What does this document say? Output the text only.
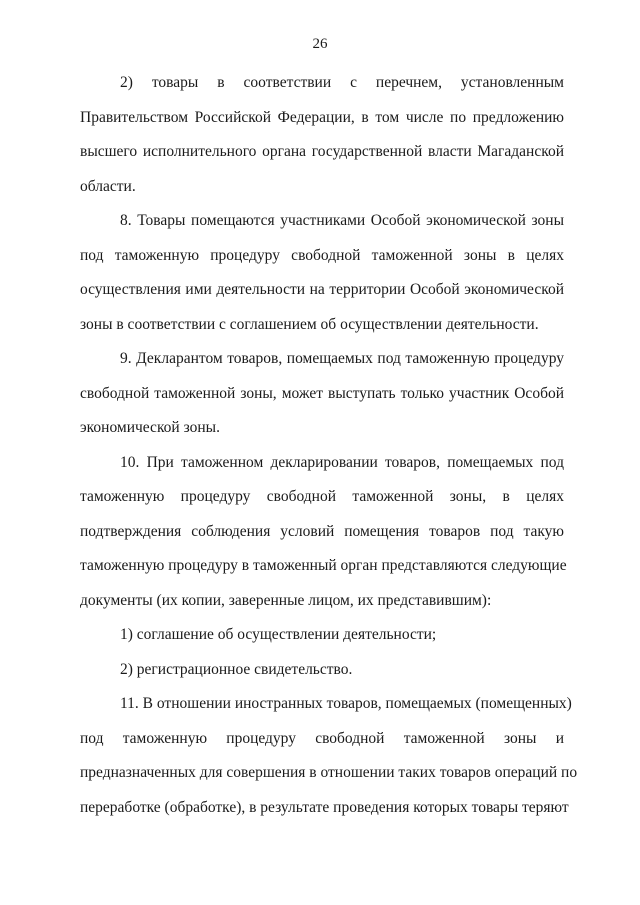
26
2) товары в соответствии с перечнем, установленным
Правительством Российской Федерации, в том числе по предложению
высшего исполнительного органа государственной власти Магаданской
области.
8. Товары помещаются участниками Особой экономической зоны
под таможенную процедуру свободной таможенной зоны в целях
осуществления ими деятельности на территории Особой экономической
зоны в соответствии с соглашением об осуществлении деятельности.
9. Декларантом товаров, помещаемых под таможенную процедуру
свободной таможенной зоны, может выступать только участник Особой
экономической зоны.
10. При таможенном декларировании товаров, помещаемых под
таможенную процедуру свободной таможенной зоны, в целях
подтверждения соблюдения условий помещения товаров под такую
таможенную процедуру в таможенный орган представляются следующие
документы (их копии, заверенные лицом, их представившим):
1) соглашение об осуществлении деятельности;
2) регистрационное свидетельство.
11. В отношении иностранных товаров, помещаемых (помещенных)
под таможенную процедуру свободной таможенной зоны и
предназначенных для совершения в отношении таких товаров операций по
переработке (обработке), в результате проведения которых товары теряют
